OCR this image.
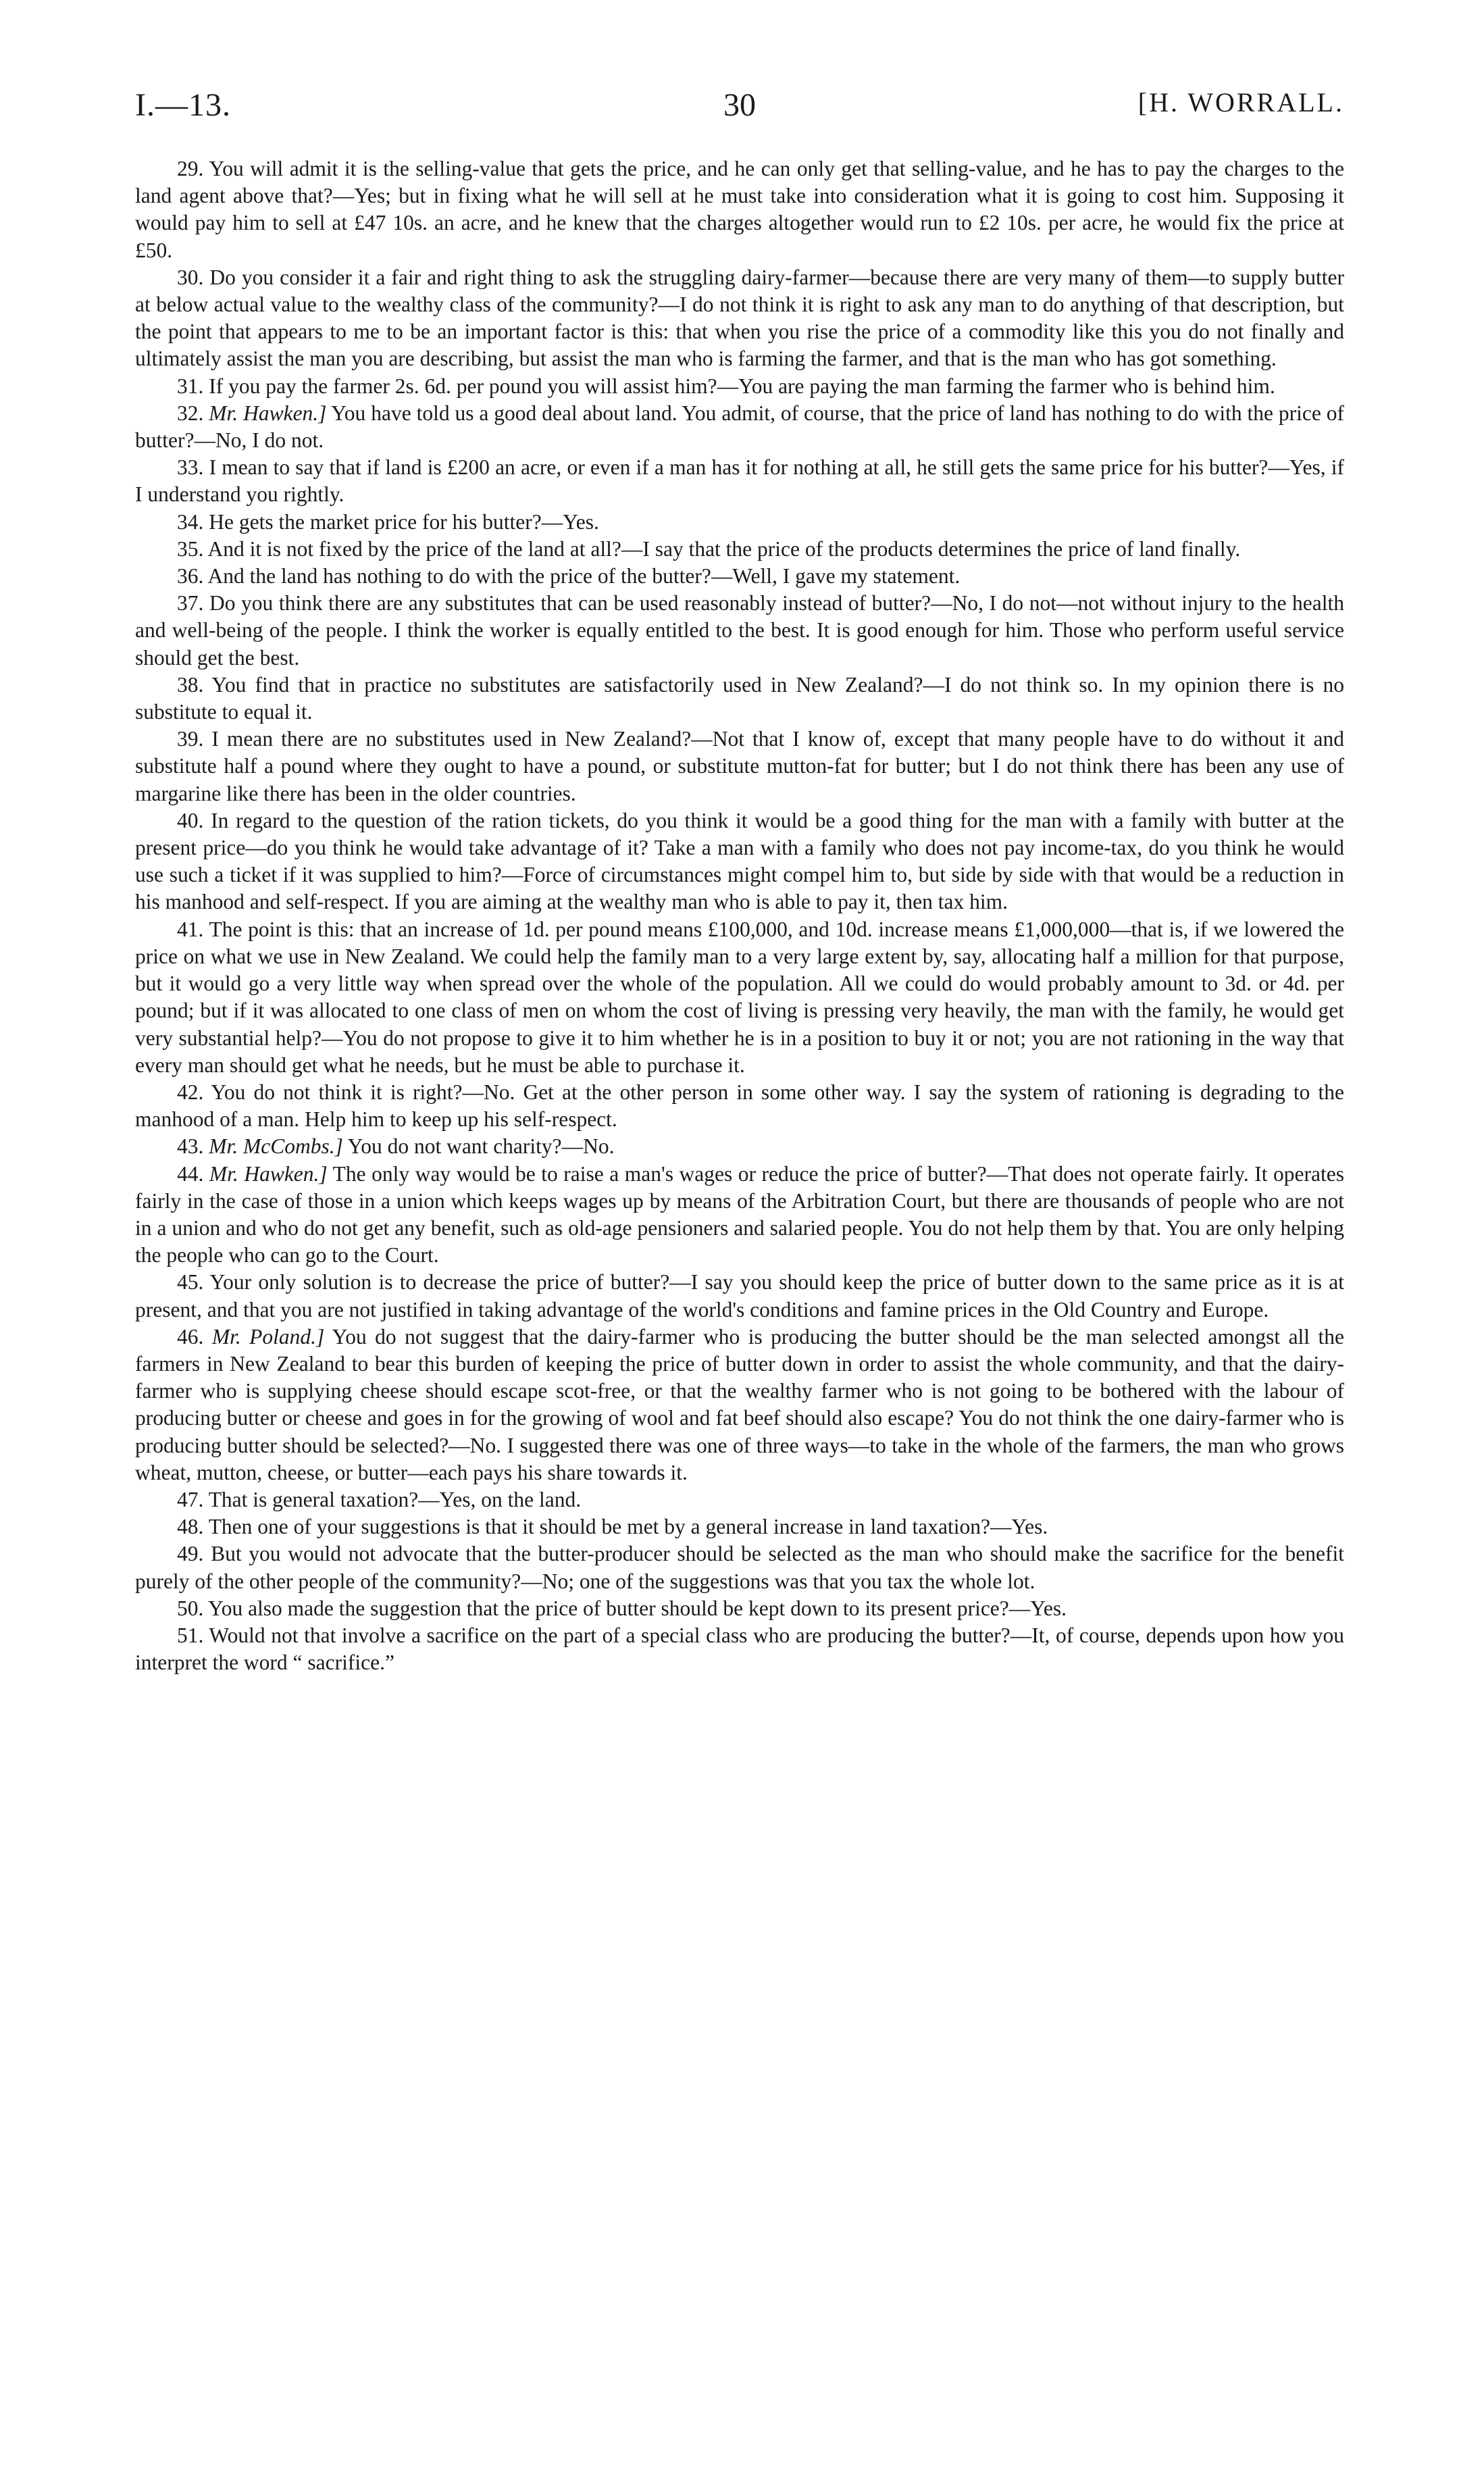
I.—13.	30	[H. WORRALL.

29. You will admit it is the selling-value that gets the price, and he can only get that selling-value, and he has to pay the charges to the land agent above that?—Yes; but in fixing what he will sell at he must take into consideration what it is going to cost him. Supposing it would pay him to sell at £47 10s. an acre, and he knew that the charges altogether would run to £2 10s. per acre, he would fix the price at £50.

30. Do you consider it a fair and right thing to ask the struggling dairy-farmer—because there are very many of them—to supply butter at below actual value to the wealthy class of the community?—I do not think it is right to ask any man to do anything of that description, but the point that appears to me to be an important factor is this: that when you rise the price of a commodity like this you do not finally and ultimately assist the man you are describing, but assist the man who is farming the farmer, and that is the man who has got something.

31. If you pay the farmer 2s. 6d. per pound you will assist him?—You are paying the man farming the farmer who is behind him.

32. Mr. Hawken.] You have told us a good deal about land. You admit, of course, that the price of land has nothing to do with the price of butter?—No, I do not.

33. I mean to say that if land is £200 an acre, or even if a man has it for nothing at all, he still gets the same price for his butter?—Yes, if I understand you rightly.

34. He gets the market price for his butter?—Yes.

35. And it is not fixed by the price of the land at all?—I say that the price of the products determines the price of land finally.

36. And the land has nothing to do with the price of the butter?—Well, I gave my statement.

37. Do you think there are any substitutes that can be used reasonably instead of butter?—No, I do not—not without injury to the health and well-being of the people. I think the worker is equally entitled to the best. It is good enough for him. Those who perform useful service should get the best.

38. You find that in practice no substitutes are satisfactorily used in New Zealand?—I do not think so. In my opinion there is no substitute to equal it.

39. I mean there are no substitutes used in New Zealand?—Not that I know of, except that many people have to do without it and substitute half a pound where they ought to have a pound, or substitute mutton-fat for butter; but I do not think there has been any use of margarine like there has been in the older countries.

40. In regard to the question of the ration tickets, do you think it would be a good thing for the man with a family with butter at the present price—do you think he would take advantage of it? Take a man with a family who does not pay income-tax, do you think he would use such a ticket if it was supplied to him?—Force of circumstances might compel him to, but side by side with that would be a reduction in his manhood and self-respect. If you are aiming at the wealthy man who is able to pay it, then tax him.

41. The point is this: that an increase of 1d. per pound means £100,000, and 10d. increase means £1,000,000—that is, if we lowered the price on what we use in New Zealand. We could help the family man to a very large extent by, say, allocating half a million for that purpose, but it would go a very little way when spread over the whole of the population. All we could do would probably amount to 3d. or 4d. per pound; but if it was allocated to one class of men on whom the cost of living is pressing very heavily, the man with the family, he would get very substantial help?—You do not propose to give it to him whether he is in a position to buy it or not; you are not rationing in the way that every man should get what he needs, but he must be able to purchase it.

42. You do not think it is right?—No. Get at the other person in some other way. I say the system of rationing is degrading to the manhood of a man. Help him to keep up his self-respect.

43. Mr. McCombs.] You do not want charity?—No.

44. Mr. Hawken.] The only way would be to raise a man's wages or reduce the price of butter?—That does not operate fairly. It operates fairly in the case of those in a union which keeps wages up by means of the Arbitration Court, but there are thousands of people who are not in a union and who do not get any benefit, such as old-age pensioners and salaried people. You do not help them by that. You are only helping the people who can go to the Court.

45. Your only solution is to decrease the price of butter?—I say you should keep the price of butter down to the same price as it is at present, and that you are not justified in taking advantage of the world's conditions and famine prices in the Old Country and Europe.

46. Mr. Poland.] You do not suggest that the dairy-farmer who is producing the butter should be the man selected amongst all the farmers in New Zealand to bear this burden of keeping the price of butter down in order to assist the whole community, and that the dairy-farmer who is supplying cheese should escape scot-free, or that the wealthy farmer who is not going to be bothered with the labour of producing butter or cheese and goes in for the growing of wool and fat beef should also escape? You do not think the one dairy-farmer who is producing butter should be selected?—No. I suggested there was one of three ways—to take in the whole of the farmers, the man who grows wheat, mutton, cheese, or butter—each pays his share towards it.

47. That is general taxation?—Yes, on the land.

48. Then one of your suggestions is that it should be met by a general increase in land taxation?—Yes.

49. But you would not advocate that the butter-producer should be selected as the man who should make the sacrifice for the benefit purely of the other people of the community?—No; one of the suggestions was that you tax the whole lot.

50. You also made the suggestion that the price of butter should be kept down to its present price?—Yes.

51. Would not that involve a sacrifice on the part of a special class who are producing the butter?—It, of course, depends upon how you interpret the word “ sacrifice.”
